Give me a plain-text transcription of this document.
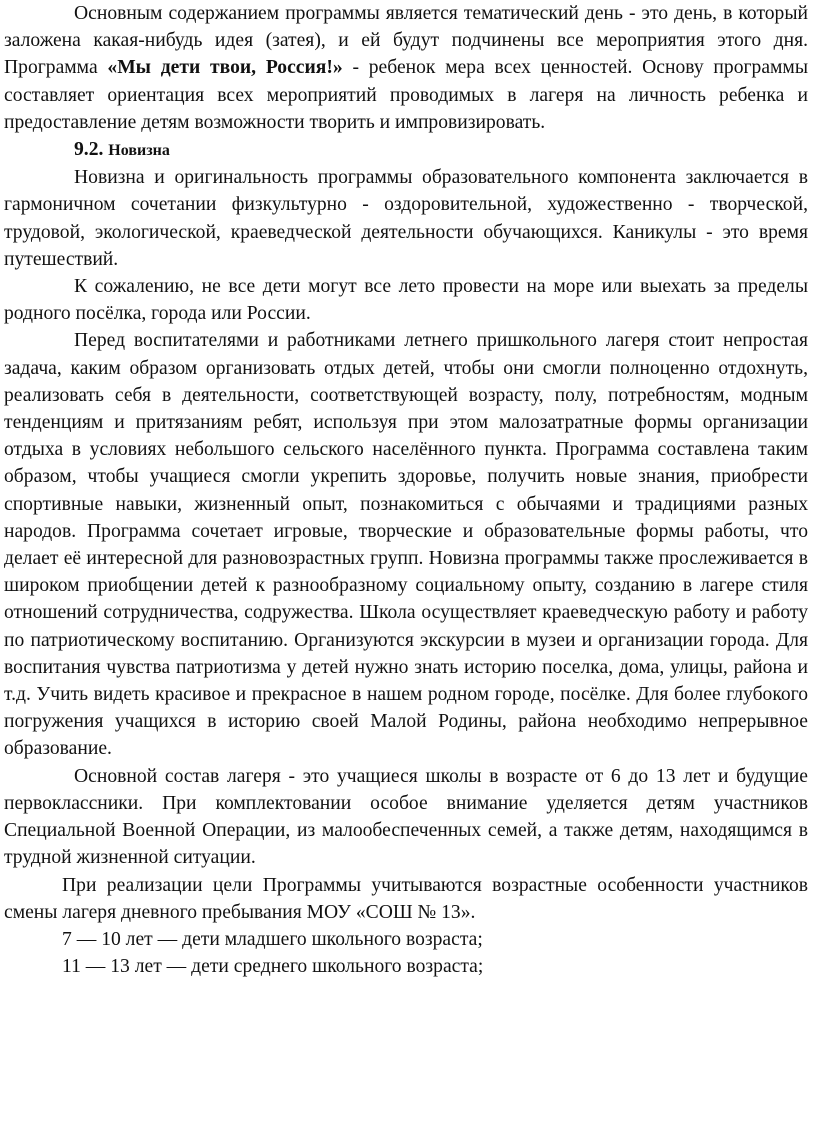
Основным содержанием программы является тематический день - это день, в который заложена какая-нибудь идея (затея), и ей будут подчинены все мероприятия этого дня. Программа «Мы дети твои, Россия!» - ребенок мера всех ценностей. Основу программы составляет ориентация всех мероприятий проводимых в лагеря на личность ребенка и предоставление детям возможности творить и импровизировать.

9.2. Новизна

Новизна и оригинальность программы образовательного компонента заключается в гармоничном сочетании физкультурно - оздоровительной, художественно - творческой, трудовой, экологической, краеведческой деятельности обучающихся. Каникулы - это время путешествий.

К сожалению, не все дети могут все лето провести на море или выехать за пределы родного посёлка, города или России.

Перед воспитателями и работниками летнего пришкольного лагеря стоит непростая задача, каким образом организовать отдых детей, чтобы они смогли полноценно отдохнуть, реализовать себя в деятельности, соответствующей возрасту, полу, потребностям, модным тенденциям и притязаниям ребят, используя при этом малозатратные формы организации отдыха в условиях небольшого сельского населённого пункта. Программа составлена таким образом, чтобы учащиеся смогли укрепить здоровье, получить новые знания, приобрести спортивные навыки, жизненный опыт, познакомиться с обычаями и традициями разных народов. Программа сочетает игровые, творческие и образовательные формы работы, что делает её интересной для разновозрастных групп. Новизна программы также прослеживается в широком приобщении детей к разнообразному социальному опыту, созданию в лагере стиля отношений сотрудничества, содружества. Школа осуществляет краеведческую работу и работу по патриотическому воспитанию. Организуются экскурсии в музеи и организации города. Для воспитания чувства патриотизма у детей нужно знать историю поселка, дома, улицы, района и т.д. Учить видеть красивое и прекрасное в нашем родном городе, посёлке. Для более глубокого погружения учащихся в историю своей Малой Родины, района необходимо непрерывное образование.

Основной состав лагеря - это учащиеся школы в возрасте от 6 до 13 лет и будущие первоклассники. При комплектовании особое внимание уделяется детям участников Специальной Военной Операции, из малообеспеченных семей, а также детям, находящимся в трудной жизненной ситуации.

При реализации цели Программы учитываются возрастные особенности участников смены лагеря дневного пребывания МОУ «СОШ № 13».

7 — 10 лет — дети младшего школьного возраста;

11 — 13 лет — дети среднего школьного возраста;
